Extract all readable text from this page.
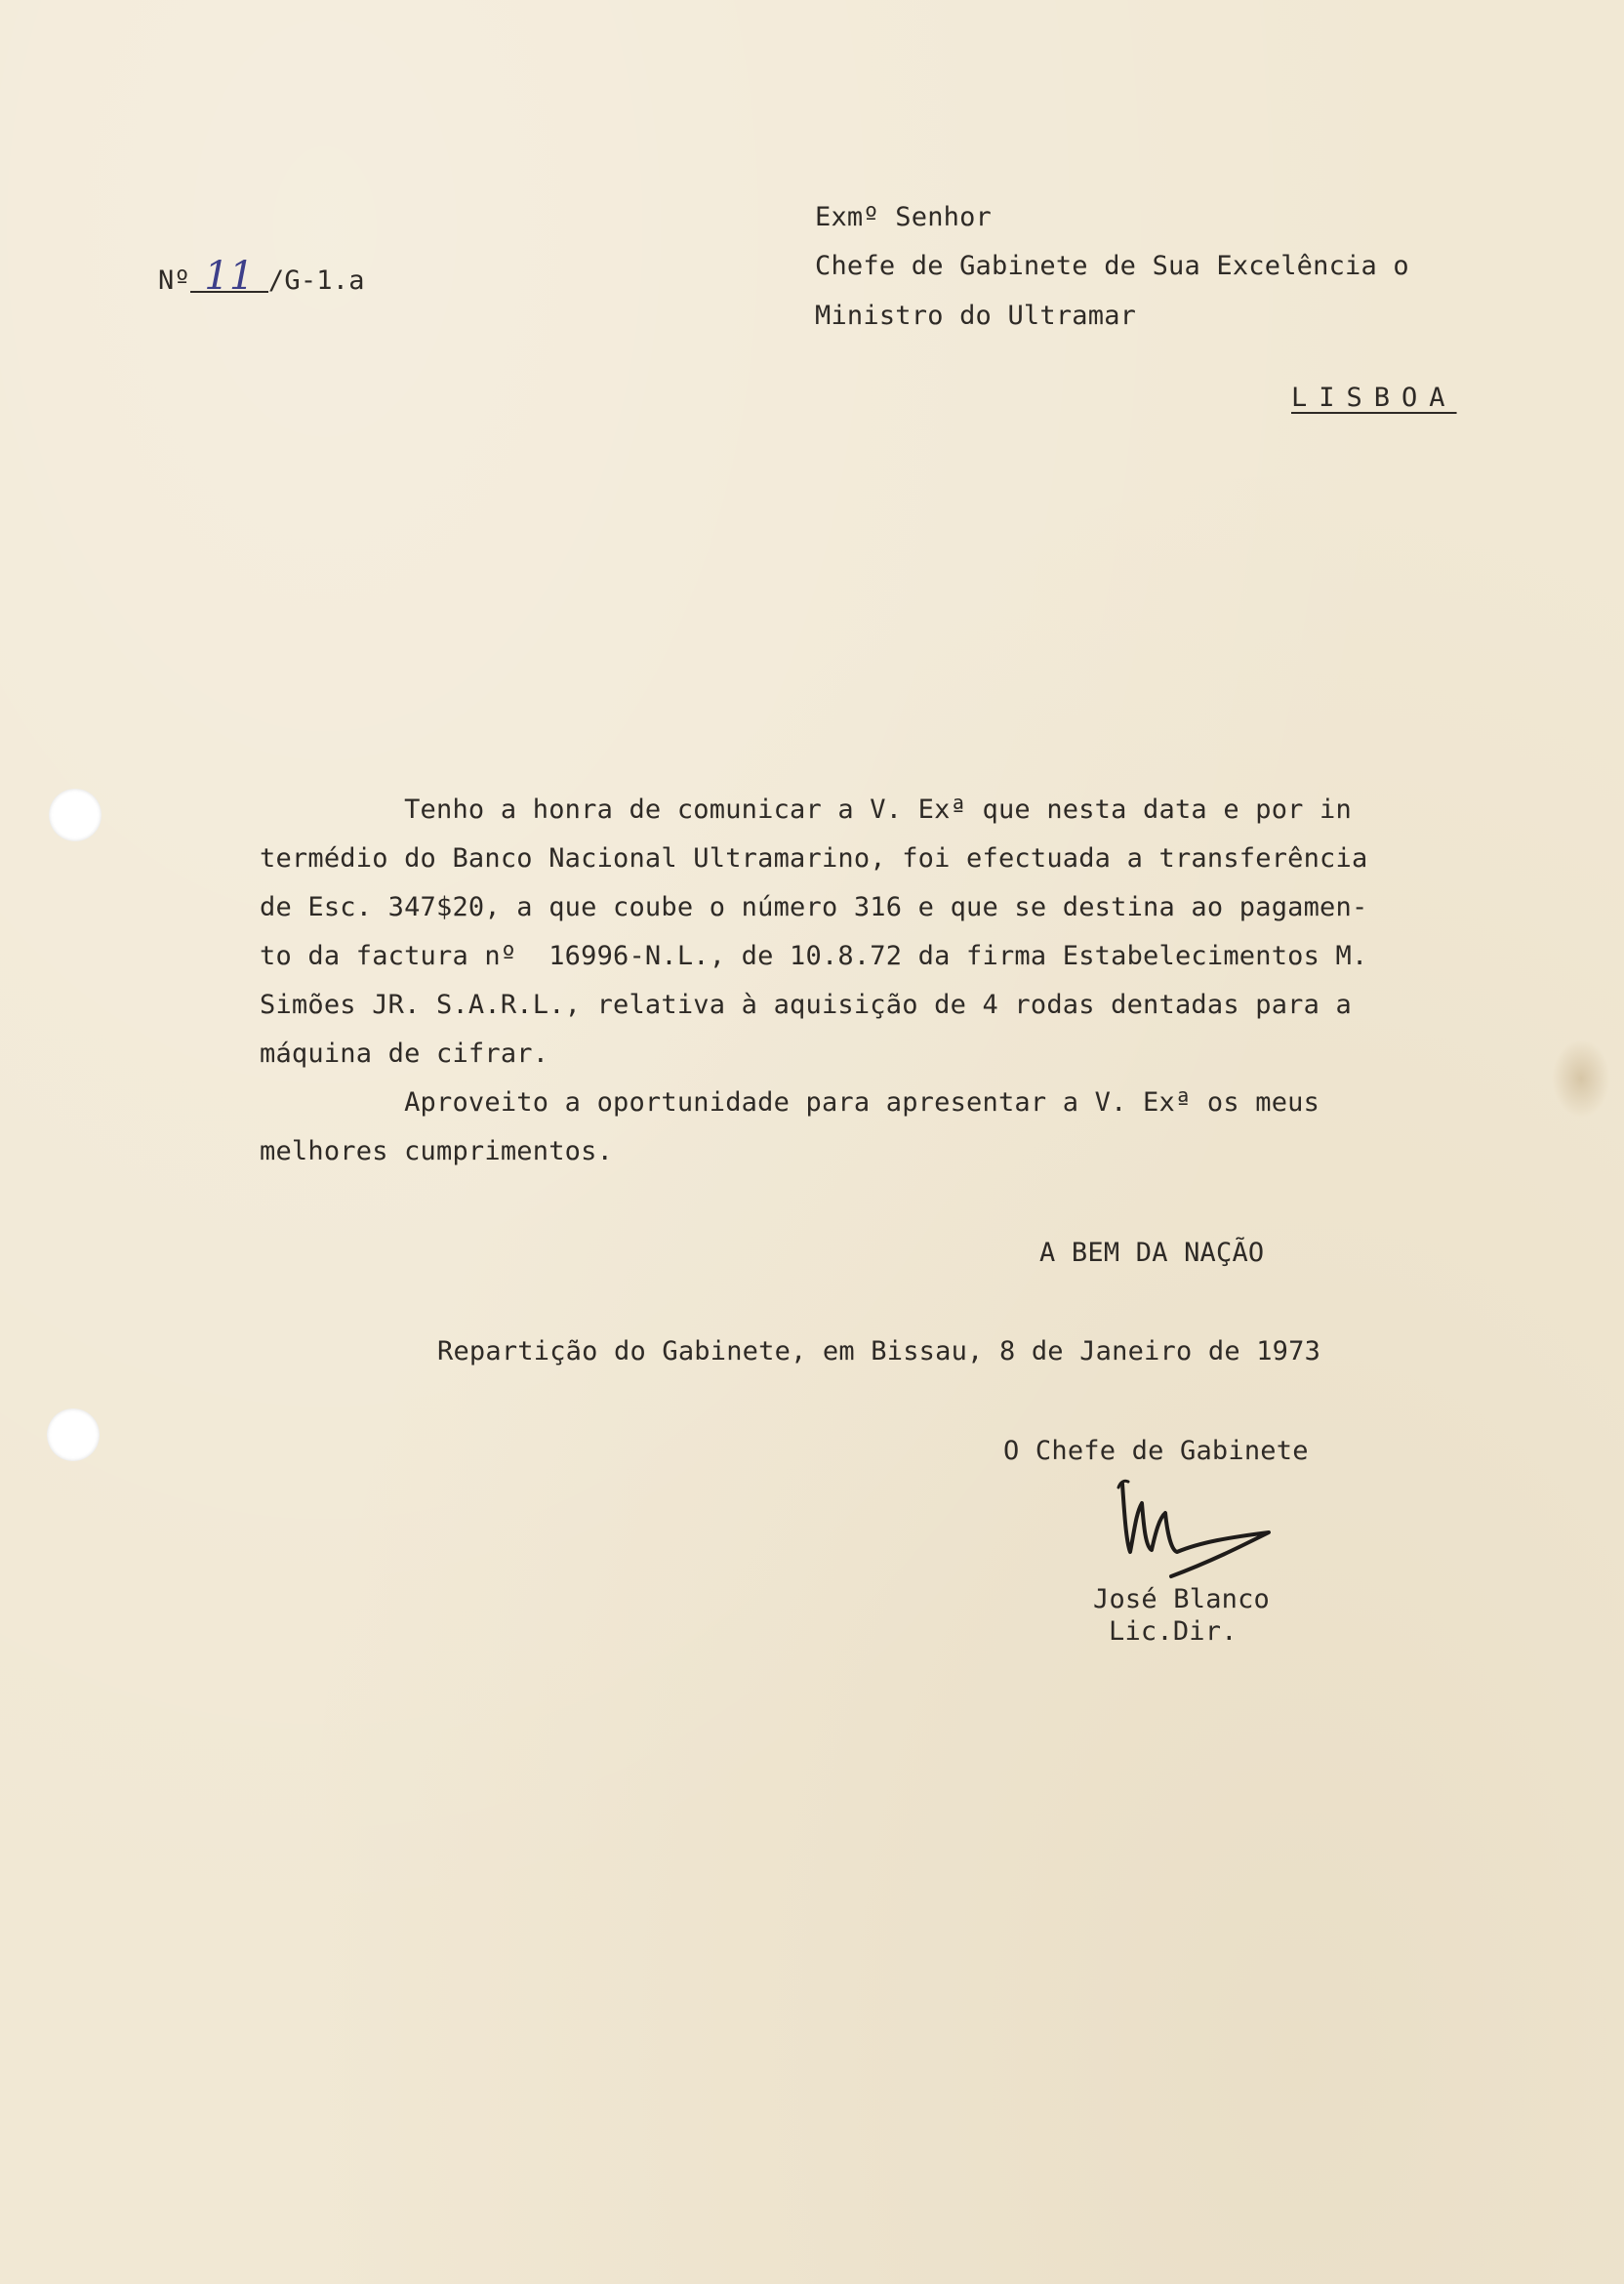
Nº 11 /G-1.a
Exmº Senhor
Chefe de Gabinete de Sua Excelência o
Ministro do Ultramar
LISBOA
Tenho a honra de comunicar a V. Exª que nesta data e por in
termédio do Banco Nacional Ultramarino, foi efectuada a transferência
de Esc. 347$20, a que coube o número 316 e que se destina ao pagamen-
to da factura nº  16996-N.L., de 10.8.72 da firma Estabelecimentos M.
Simões JR. S.A.R.L., relativa à aquisição de 4 rodas dentadas para a
máquina de cifrar.
Aproveito a oportunidade para apresentar a V. Exª os meus
melhores cumprimentos.
A BEM DA NAÇÃO
Repartição do Gabinete, em Bissau, 8 de Janeiro de 1973
O Chefe de Gabinete
José Blanco
Lic.Dir.
